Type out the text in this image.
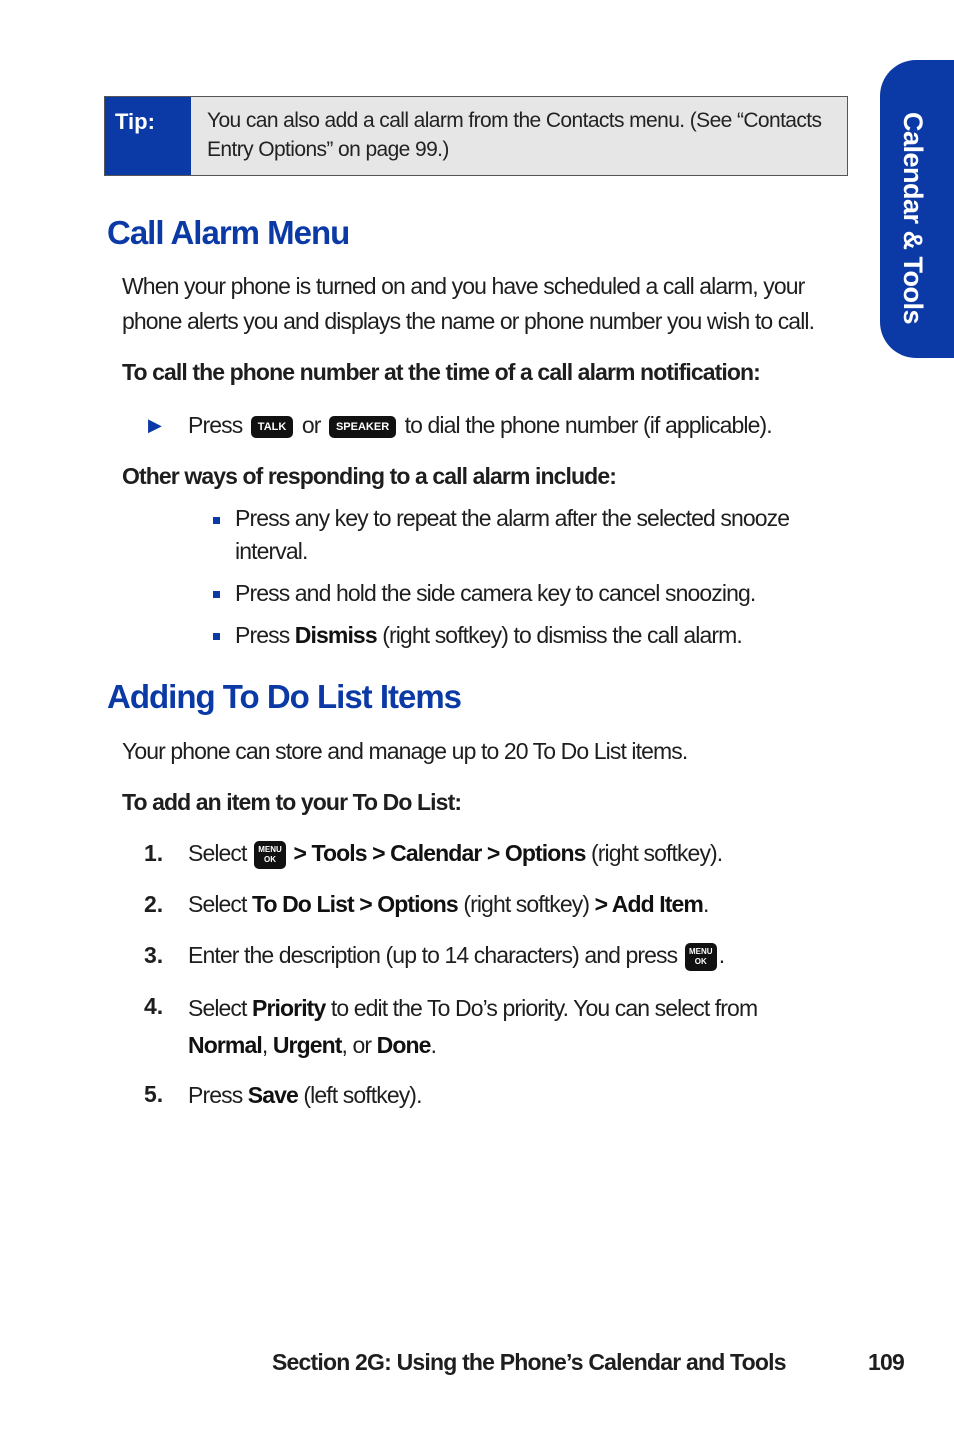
Calendar & Tools
Tip:	You can also add a call alarm from the Contacts menu. (See “Contacts Entry Options” on page 99.)
Call Alarm Menu

When your phone is turned on and you have scheduled a call alarm, your phone alerts you and displays the name or phone number you wish to call.

To call the phone number at the time of a call alarm notification:

▶ Press TALK or SPEAKER to dial the phone number (if applicable).

Other ways of responding to a call alarm include:

Press any key to repeat the alarm after the selected snooze interval.

Press and hold the side camera key to cancel snoozing.

Press Dismiss (right softkey) to dismiss the call alarm.

Adding To Do List Items

Your phone can store and manage up to 20 To Do List items.

To add an item to your To Do List:

1. Select MENU
OK > Tools > Calendar > Options (right softkey).

2. Select To Do List > Options (right softkey) > Add Item.

3. Enter the description (up to 14 characters) and press MENU
OK .

4. Select Priority to edit the To Do’s priority. You can select from Normal, Urgent, or Done.

5. Press Save (left softkey).

Section 2G: Using the Phone’s Calendar and Tools	109
